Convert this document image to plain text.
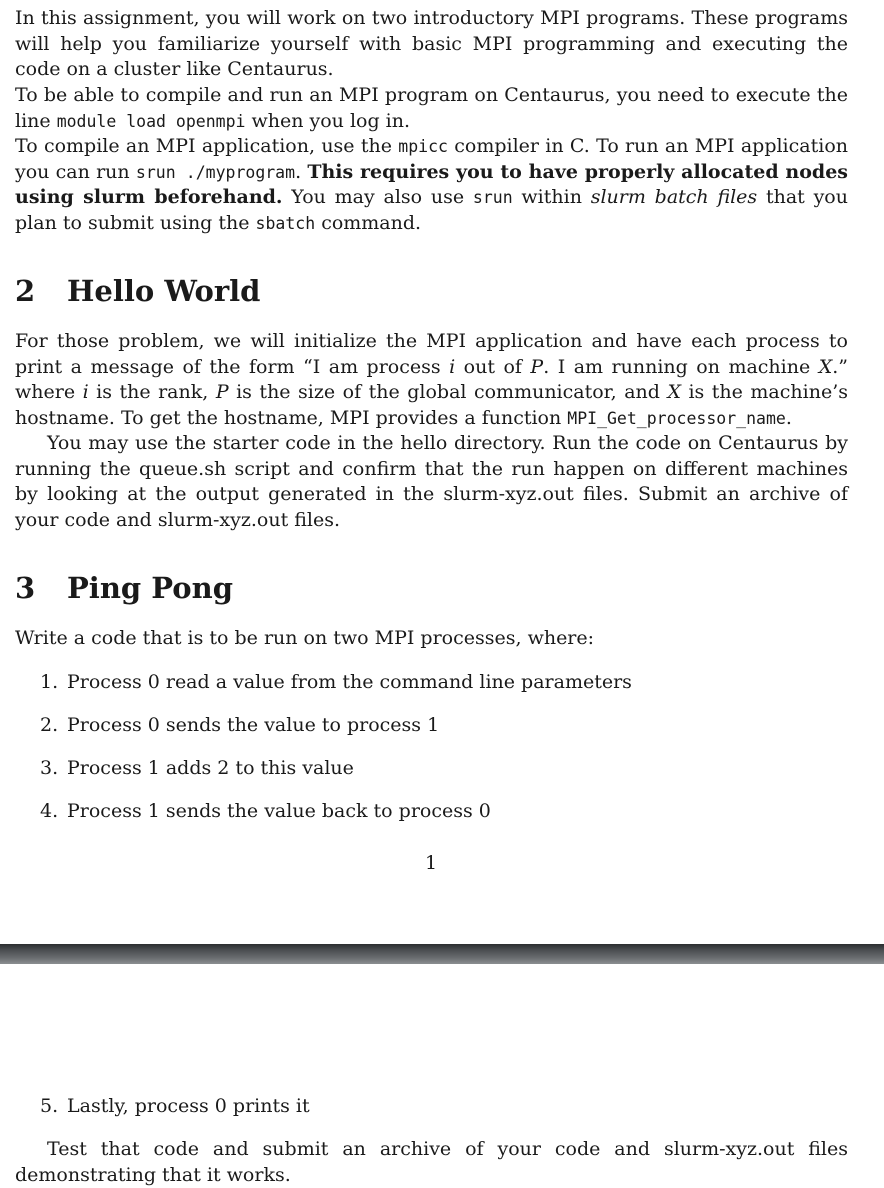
In this assignment, you will work on two introductory MPI programs. These programs will help you familiarize yourself with basic MPI programming and executing the code on a cluster like Centaurus.

To be able to compile and run an MPI program on Centaurus, you need to execute the line module load openmpi when you log in.

To compile an MPI application, use the mpicc compiler in C. To run an MPI application you can run srun ./myprogram. This requires you to have properly allocated nodes using slurm beforehand. You may also use srun within slurm batch files that you plan to submit using the sbatch command.

2 Hello World

For those problem, we will initialize the MPI application and have each process to print a message of the form “I am process i out of P. I am running on machine X.” where i is the rank, P is the size of the global communicator, and X is the machine’s hostname. To get the hostname, MPI provides a function MPI_Get_processor_name.

You may use the starter code in the hello directory. Run the code on Centaurus by running the queue.sh script and confirm that the run happen on different machines by looking at the output generated in the slurm-xyz.out files. Submit an archive of your code and slurm-xyz.out files.

3 Ping Pong

Write a code that is to be run on two MPI processes, where:

1. Process 0 read a value from the command line parameters

2. Process 0 sends the value to process 1

3. Process 1 adds 2 to this value

4. Process 1 sends the value back to process 0

1

5. Lastly, process 0 prints it

Test that code and submit an archive of your code and slurm-xyz.out files demonstrating that it works.
